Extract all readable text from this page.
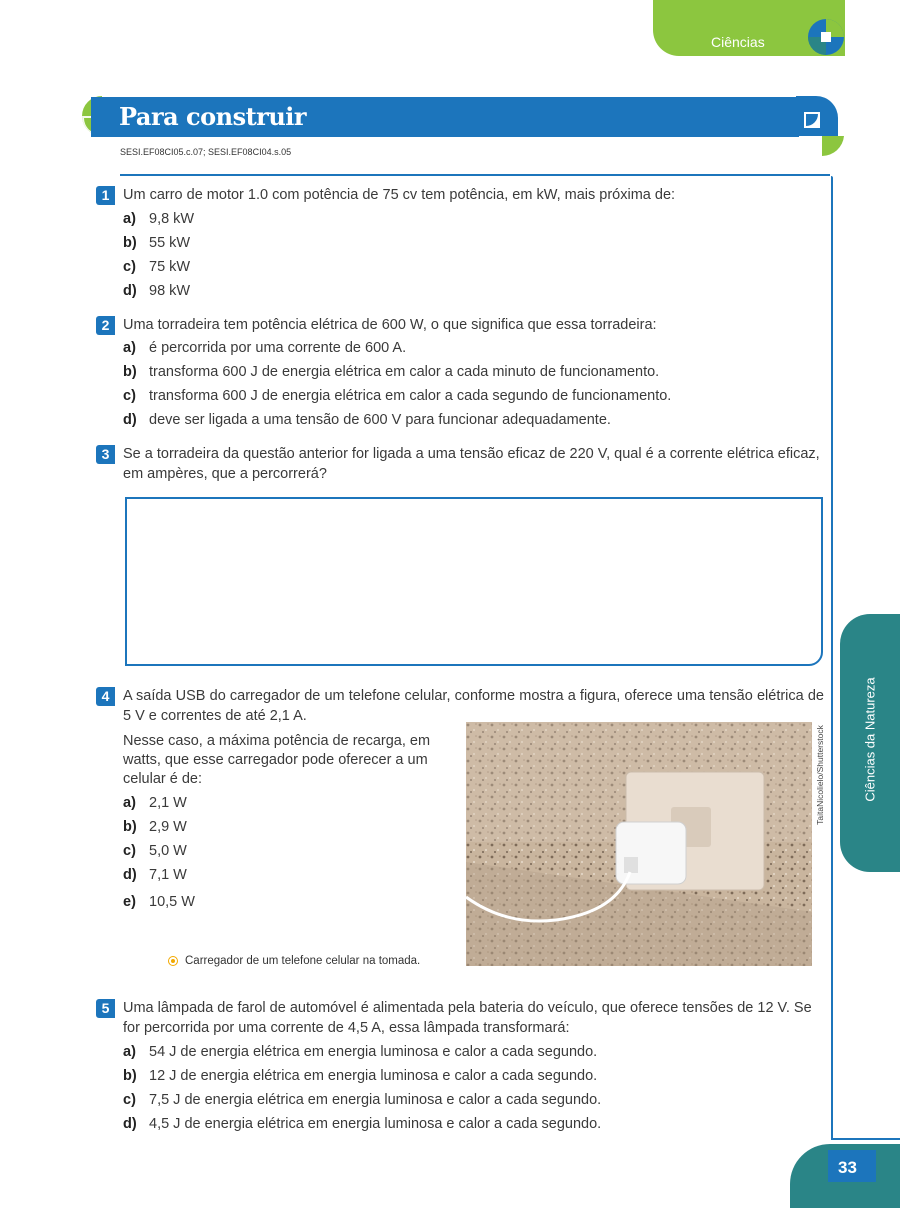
Ciências
Para construir
SESI.EF08CI05.c.07; SESI.EF08CI04.s.05
1 Um carro de motor 1.0 com potência de 75 cv tem potência, em kW, mais próxima de:
a) 9,8 kW
b) 55 kW
c) 75 kW
d) 98 kW
2 Uma torradeira tem potência elétrica de 600 W, o que significa que essa torradeira:
a) é percorrida por uma corrente de 600 A.
b) transforma 600 J de energia elétrica em calor a cada minuto de funcionamento.
c) transforma 600 J de energia elétrica em calor a cada segundo de funcionamento.
d) deve ser ligada a uma tensão de 600 V para funcionar adequadamente.
3 Se a torradeira da questão anterior for ligada a uma tensão eficaz de 220 V, qual é a corrente elétrica eficaz, em ampères, que a percorrerá?
4 A saída USB do carregador de um telefone celular, conforme mostra a figura, oferece uma tensão elétrica de 5 V e correntes de até 2,1 A.
Nesse caso, a máxima potência de recarga, em watts, que esse carregador pode oferecer a um celular é de:
a) 2,1 W
b) 2,9 W
c) 5,0 W
d) 7,1 W
e) 10,5 W
TaitaNicolielo/Shutterstock
Carregador de um telefone celular na tomada.
5 Uma lâmpada de farol de automóvel é alimentada pela bateria do veículo, que oferece tensões de 12 V. Se for percorrida por uma corrente de 4,5 A, essa lâmpada transformará:
a) 54 J de energia elétrica em energia luminosa e calor a cada segundo.
b) 12 J de energia elétrica em energia luminosa e calor a cada segundo.
c) 7,5 J de energia elétrica em energia luminosa e calor a cada segundo.
d) 4,5 J de energia elétrica em energia luminosa e calor a cada segundo.
Ciências da Natureza
33
